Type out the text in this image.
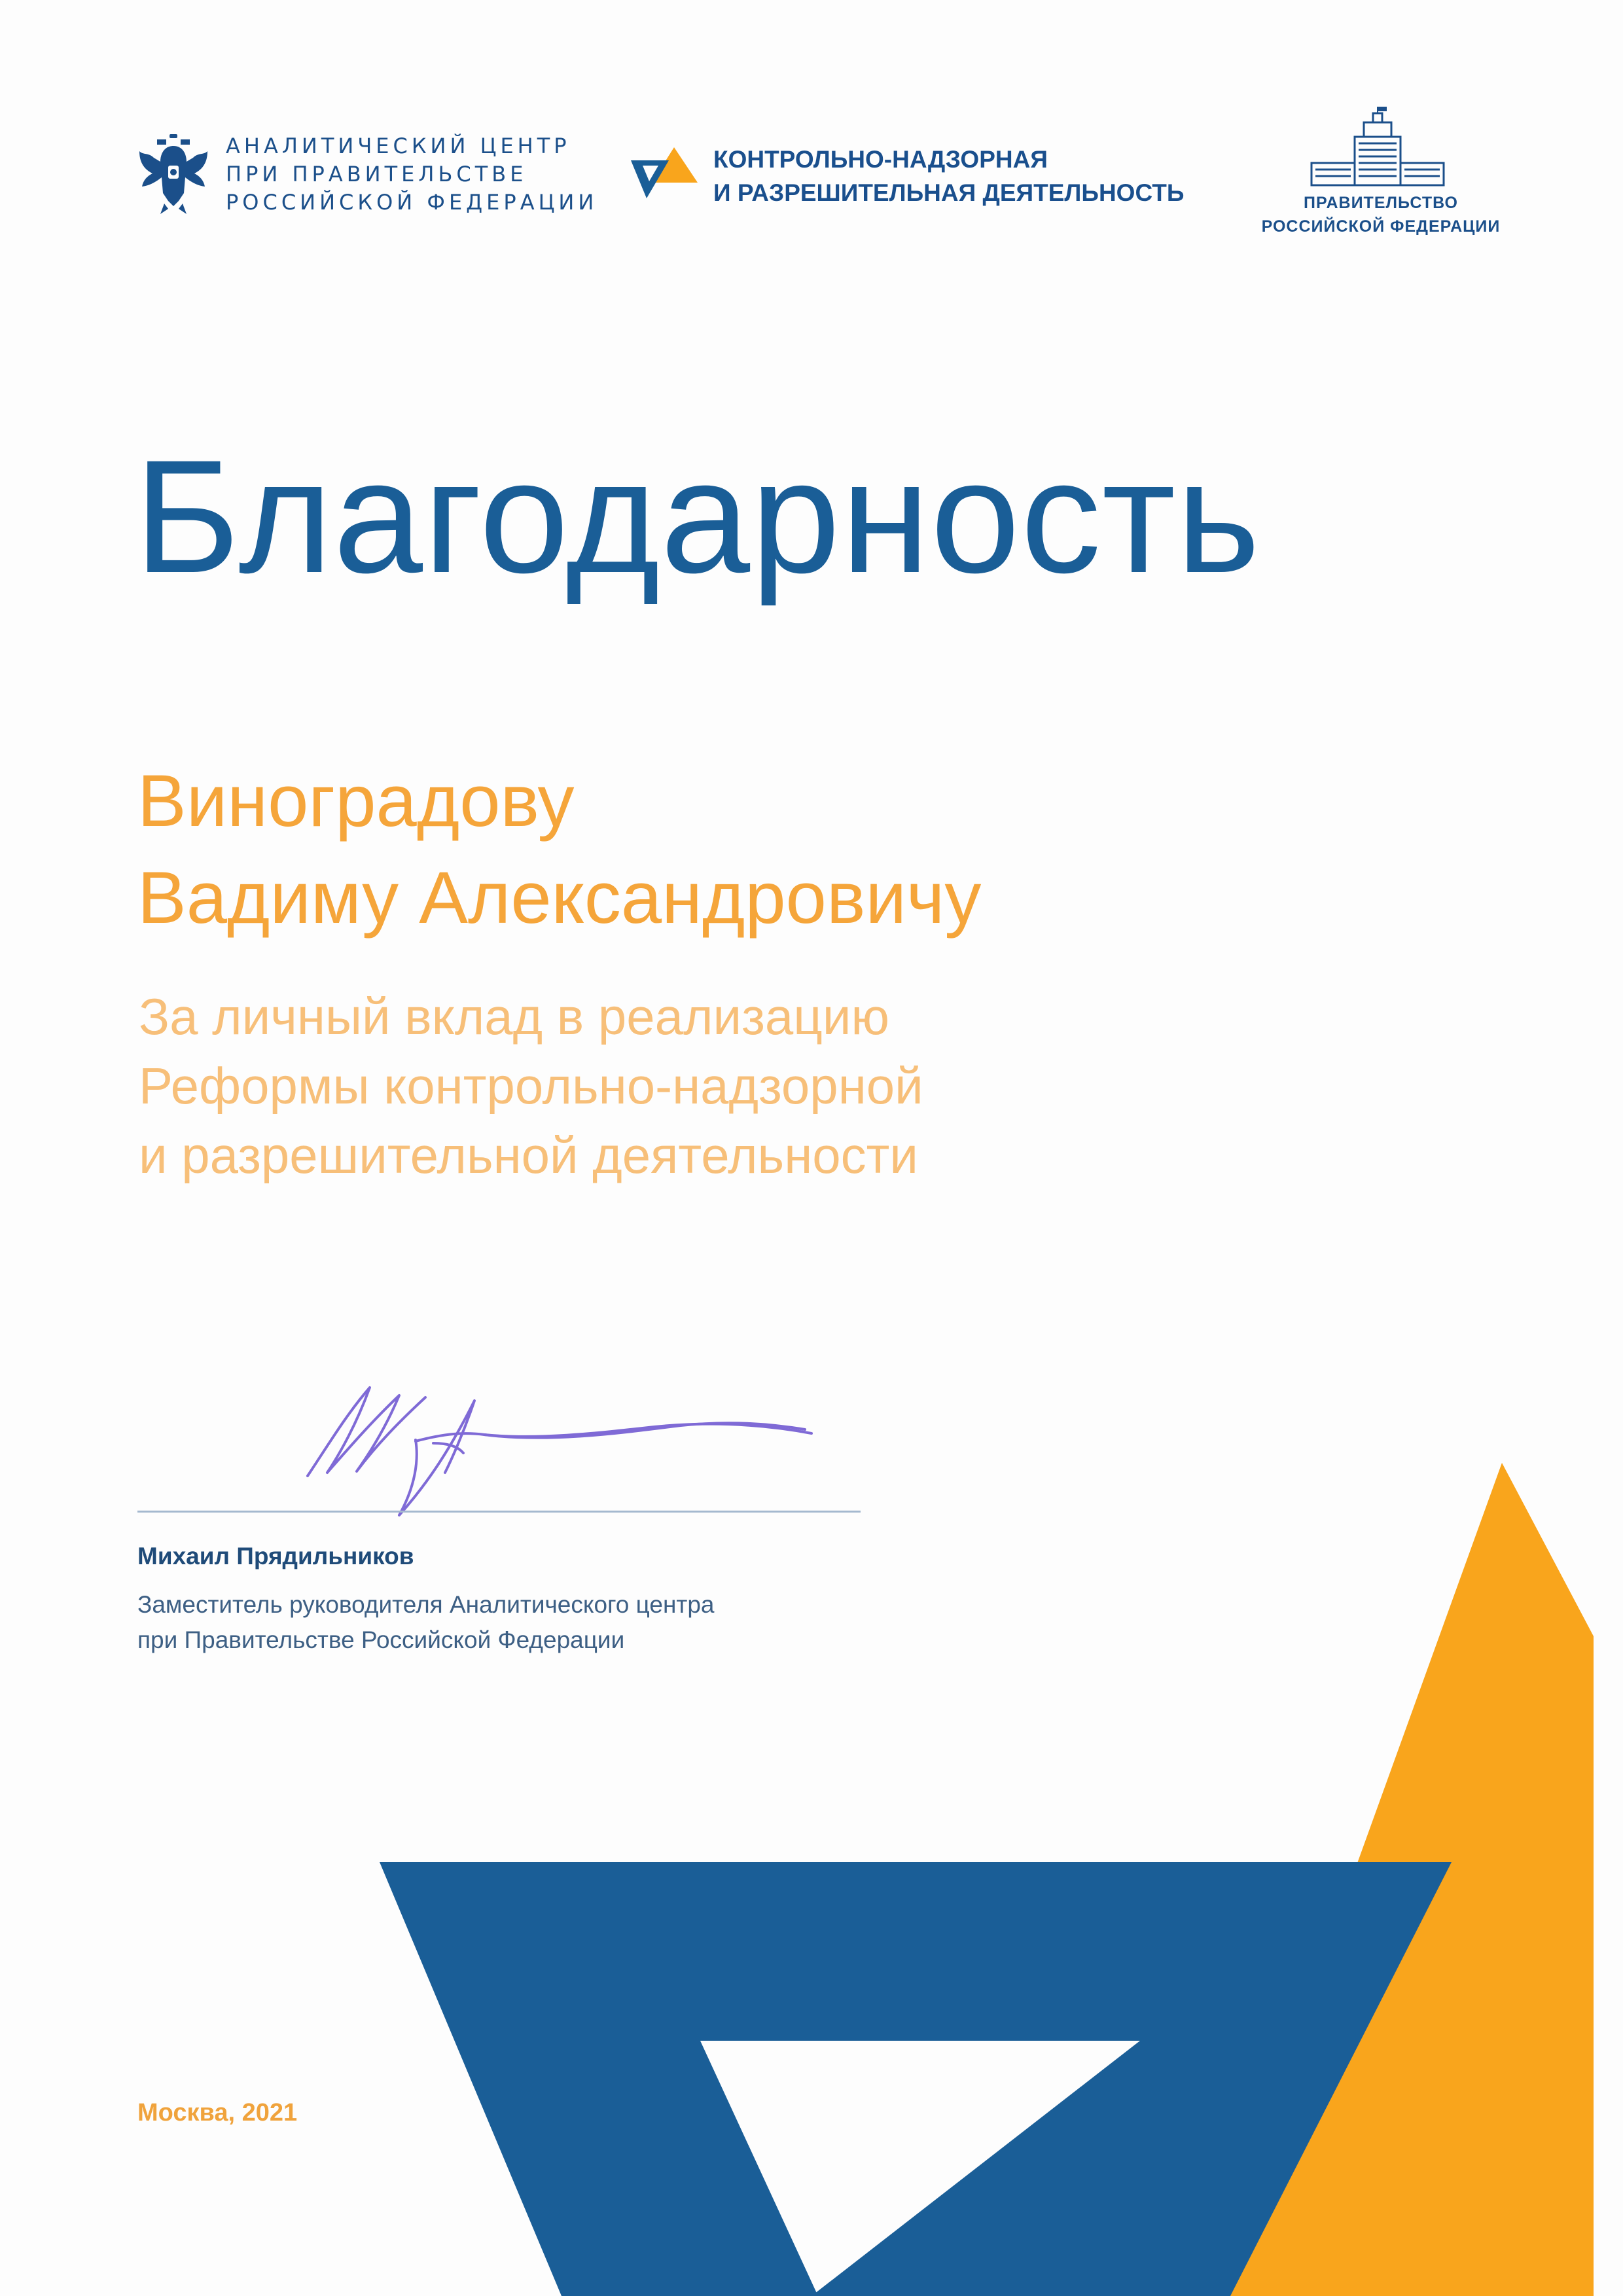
АНАЛИТИЧЕСКИЙ ЦЕНТР
ПРИ ПРАВИТЕЛЬСТВЕ
РОССИЙСКОЙ ФЕДЕРАЦИИ
КОНТРОЛЬНО-НАДЗОРНАЯ
И РАЗРЕШИТЕЛЬНАЯ ДЕЯТЕЛЬНОСТЬ	ПРАВИТЕЛЬСТВО
РОССИЙСКОЙ ФЕДЕРАЦИИ
Благодарность
Виноградову
Вадиму Александровичу
За личный вклад в реализацию
Реформы контрольно-надзорной
и разрешительной деятельности
Михаил Прядильников
Заместитель руководителя Аналитического центра
при Правительстве Российской Федерации
Москва, 2021
